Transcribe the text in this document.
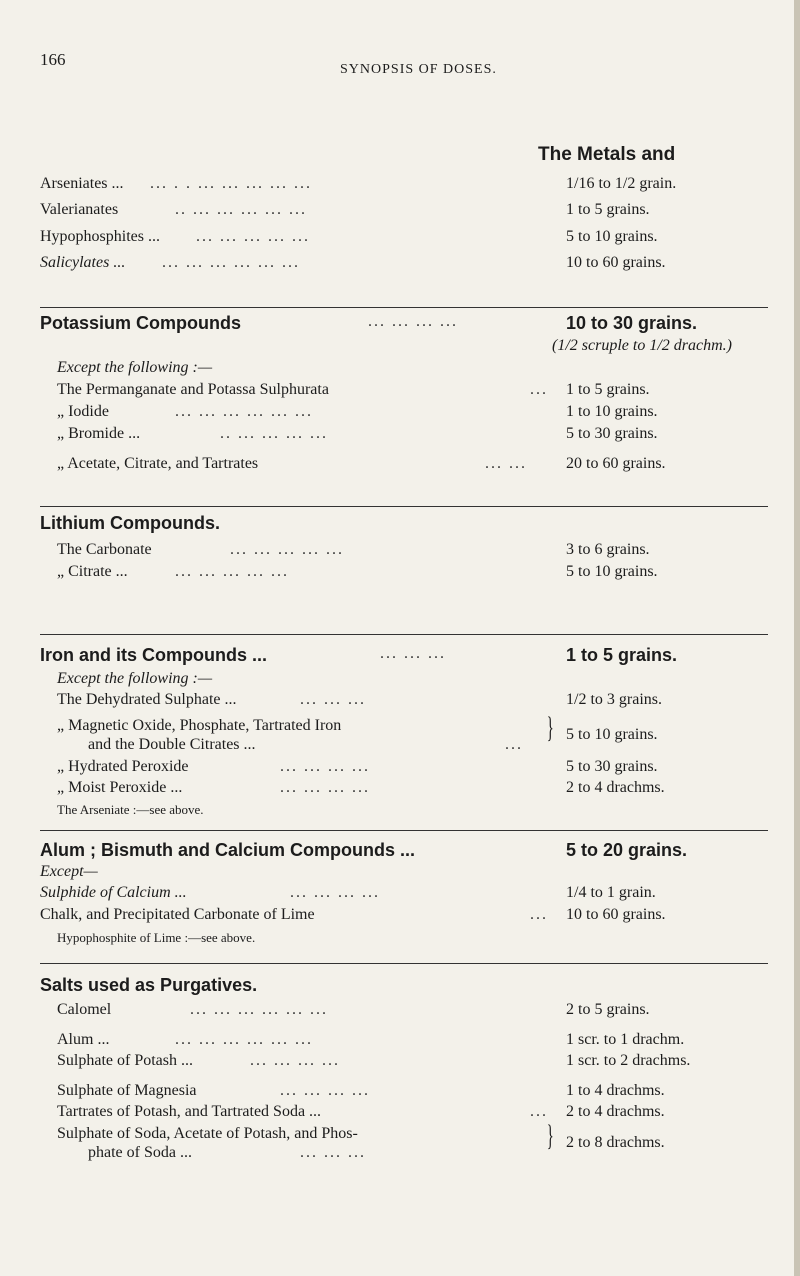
166
SYNOPSIS OF DOSES.
The Metals and
Arseniates ... ... . . ... ... ... ... ...	1/16 to 1/2 grain.
Valerianates	.. ... ... ... ... ...	1 to 5 grains.
Hypophosphites ... ... ... ... ... ...	5 to 10 grains.
Salicylates ... ... ... ... ... ... ...	10 to 60 grains.
Potassium Compounds	... ... ... ...	10 to 30 grains.
(1/2 scruple to 1/2 drachm.)
Except the following :—
The Permanganate and Potassa Sulphurata	... 1 to 5 grains.
„ Iodide	... ... ... ... ... ...	1 to 10 grains.
„ Bromide ...	.. ... ... ... ...	5 to 30 grains.
„ Acetate, Citrate, and Tartrates	... ... 20 to 60 grains.
Lithium Compounds.
The Carbonate	... ... ... ... ...	3 to 6 grains.
„ Citrate ...	... ... ... ... ...	5 to 10 grains.
Iron and its Compounds ...	... ... ...	1 to 5 grains.
Except the following :—
The Dehydrated Sulphate ...	... ... ...	1/2 to 3 grains.
„ Magnetic Oxide, Phosphate, Tartrated Iron
and the Double Citrates ...	...
5 to 10 grains.
}
„ Hydrated Peroxide	... ... ... ...	5 to 30 grains.
„ Moist Peroxide ...	... ... ... ...	2 to 4 drachms.
The Arseniate :—see above.
Alum ; Bismuth and Calcium Compounds ...	5 to 20 grains.
Except—
Sulphide of Calcium ...	... ... ... ...	1/4 to 1 grain.
Chalk, and Precipitated Carbonate of Lime	... 10 to 60 grains.
Hypophosphite of Lime :—see above.
Salts used as Purgatives.
Calomel	... ... ... ... ... ...	2 to 5 grains.
Alum ...	... ... ... ... ... ...	1 scr. to 1 drachm.
Sulphate of Potash ...	... ... ... ...	1 scr. to 2 drachms.
Sulphate of Magnesia	... ... ... ...	1 to 4 drachms.
Tartrates of Potash, and Tartrated Soda ...	... 2 to 4 drachms.
Sulphate of Soda, Acetate of Potash, and Phos-
phate of Soda ...	... ... ...
2 to 8 drachms.
}
